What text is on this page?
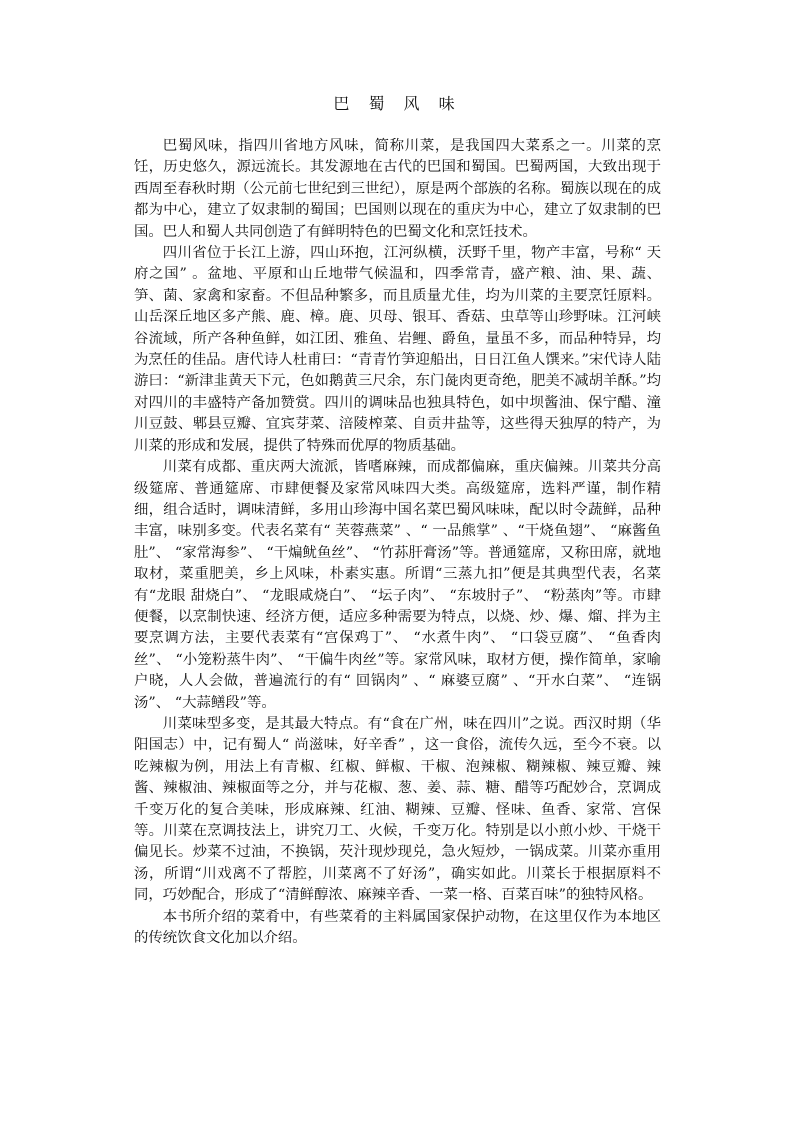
巴 蜀 风 味

巴蜀风味，指四川省地方风味，简称川菜，是我国四大菜系之一。川菜的烹饪，历史悠久，源远流长。其发源地在古代的巴国和蜀国。巴蜀两国，大致出现于西周至春秋时期（公元前七世纪到三世纪），原是两个部族的名称。蜀族以现在的成都为中心，建立了奴隶制的蜀国；巴国则以现在的重庆为中心，建立了奴隶制的巴国。巴人和蜀人共同创造了有鲜明特色的巴蜀文化和烹饪技术。

四川省位于长江上游，四山环抱，江河纵横，沃野千里，物产丰富，号称“ 天府之国” 。盆地、平原和山丘地带气候温和，四季常青，盛产粮、油、果、蔬、笋、菌、家禽和家畜。不但品种繁多，而且质量尤佳，均为川菜的主要烹饪原料。山岳深丘地区多产熊、鹿、樟。鹿、贝母、银耳、香菇、虫草等山珍野味。江河峡谷流域，所产各种鱼鲜，如江团、雅鱼、岩鲤、爵鱼，量虽不多，而品种特异，均为烹任的佳品。唐代诗人杜甫曰：“青青竹笋迎船出，日日江鱼人馔来。”宋代诗人陆游曰：“新津韭黄天下元，色如鹅黄三尺余，东门彘肉更奇绝，肥美不减胡羊酥。”均对四川的丰盛特产备加赞赏。四川的调味品也独具特色，如中坝酱油、保宁醋、潼川豆鼓、郫县豆瓣、宜宾芽菜、涪陵榨菜、自贡井盐等，这些得天独厚的特产，为川菜的形成和发展，提供了特殊而优厚的物质基础。

川菜有成都、重庆两大流派，皆嗜麻辣，而成都偏麻，重庆偏辣。川菜共分高级筵席、普通筵席、市肆便餐及家常风味四大类。高级筵席，选料严谨，制作精细，组合适时，调味清鲜，多用山珍海中国名菜巴蜀风味味，配以时令蔬鲜，品种丰富，味别多变。代表名菜有“ 芙蓉燕菜” 、“ 一品熊掌” 、“干烧鱼翅”、 “麻酱鱼肚”、 “家常海参”、 “干煸鱿鱼丝”、 “竹荪肝膏汤”等。普通筵席，又称田席，就地取材，菜重肥美，乡上风味，朴素实惠。所谓“三蒸九扣”便是其典型代表，名菜有“龙眼 甜烧白”、 “龙眼咸烧白”、 “坛子肉”、 “东坡肘子”、 “粉蒸肉”等。市肆便餐，以烹制快速、经济方便，适应多种需要为特点，以烧、炒、爆、熘、拌为主要烹调方法，主要代表菜有“宫保鸡丁”、 “水煮牛肉”、 “口袋豆腐”、 “鱼香肉丝”、 “小笼粉蒸牛肉”、 “干偏牛肉丝”等。家常风味，取材方便，操作简单，家喻户晓，人人会做，普遍流行的有“ 回锅肉” 、“ 麻婆豆腐” 、“开水白菜”、 “连锅汤”、 “大蒜鳝段”等。

川菜味型多变，是其最大特点。有“食在广州，味在四川”之说。西汉时期（华阳国志）中，记有蜀人“ 尚滋味，好辛香” ，这一食俗，流传久远，至今不衰。以吃辣椒为例，用法上有青椒、红椒、鲜椒、干椒、泡辣椒、糊辣椒、辣豆瓣、辣酱、辣椒油、辣椒面等之分，并与花椒、葱、姜、蒜、糖、醋等巧配妙合，烹调成千变万化的复合美味，形成麻辣、红油、糊辣、豆瓣、怪味、鱼香、家常、宫保等。川菜在烹调技法上，讲究刀工、火候，千变万化。特别是以小煎小炒、干烧干偏见长。炒菜不过油，不换锅，芡汁现炒现兑，急火短炒，一锅成菜。川菜亦重用汤，所谓“川戏离不了帮腔，川菜离不了好汤”，确实如此。川菜长于根据原料不同，巧妙配合，形成了“清鲜醇浓、麻辣辛香、一菜一格、百菜百味”的独特风格。

本书所介绍的菜肴中，有些菜肴的主料属国家保护动物，在这里仅作为本地区的传统饮食文化加以介绍。
